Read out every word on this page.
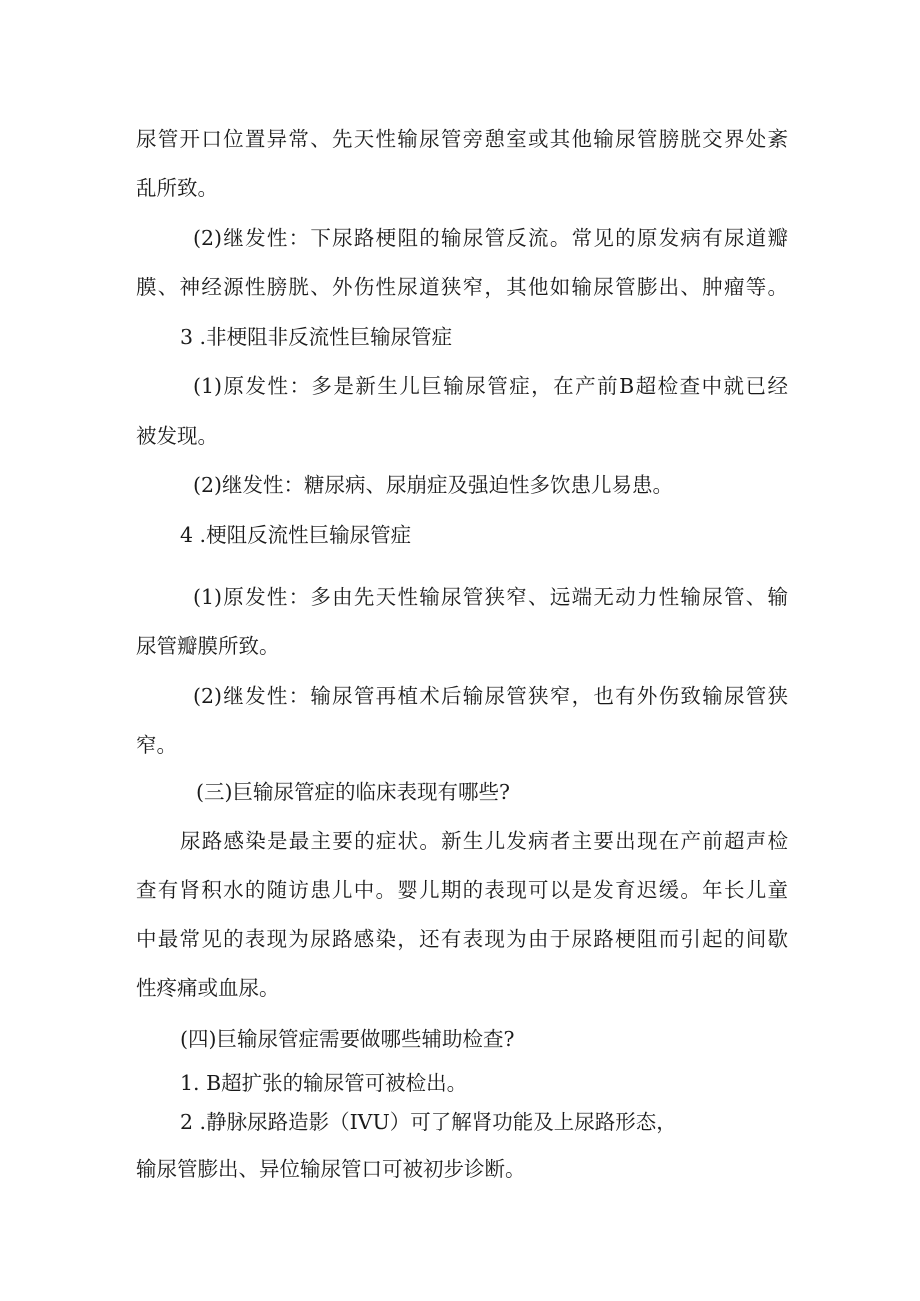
尿管开口位置异常、先天性输尿管旁憩室或其他输尿管膀胱交界处紊
乱所致。
(2)继发性：下尿路梗阻的输尿管反流。常见的原发病有尿道瓣
膜、神经源性膀胱、外伤性尿道狭窄，其他如输尿管膨出、肿瘤等。
3 .非梗阻非反流性巨输尿管症
(1)原发性：多是新生儿巨输尿管症，在产前B超检查中就已经
被发现。
(2)继发性：糖尿病、尿崩症及强迫性多饮患儿易患。
4 .梗阻反流性巨输尿管症
(1)原发性：多由先天性输尿管狭窄、远端无动力性输尿管、输
尿管瓣膜所致。
(2)继发性：输尿管再植术后输尿管狭窄，也有外伤致输尿管狭
窄。
(三)巨输尿管症的临床表现有哪些?
尿路感染是最主要的症状。新生儿发病者主要出现在产前超声检
查有肾积水的随访患儿中。婴儿期的表现可以是发育迟缓。年长儿童
中最常见的表现为尿路感染，还有表现为由于尿路梗阻而引起的间歇
性疼痛或血尿。
(四)巨输尿管症需要做哪些辅助检查?
1. B超扩张的输尿管可被检出。
2 .静脉尿路造影（IVU）可了解肾功能及上尿路形态，
输尿管膨出、异位输尿管口可被初步诊断。
